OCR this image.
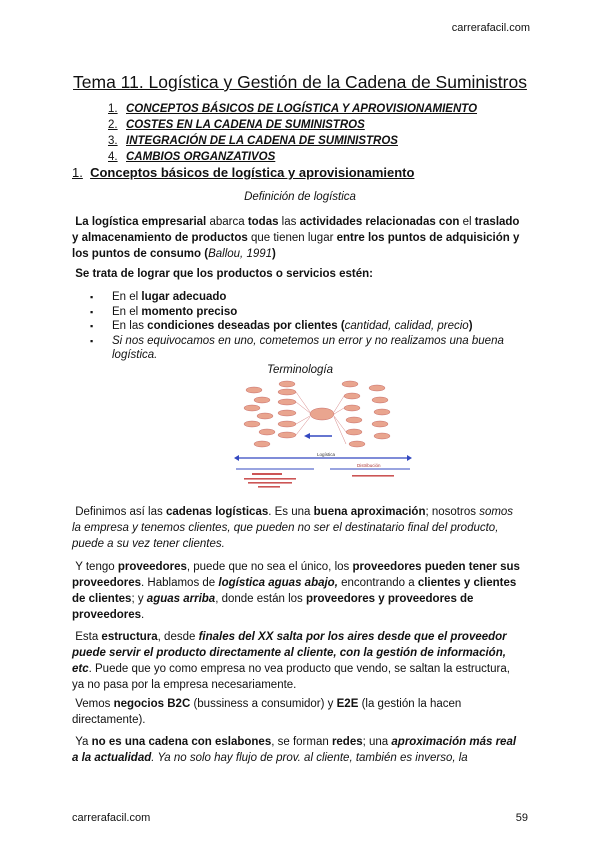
carrerafacil.com
Tema 11. Logística y Gestión de la Cadena de Suministros
1. CONCEPTOS BÁSICOS DE LOGÍSTICA Y APROVISIONAMIENTO
2. COSTES EN LA CADENA DE SUMINISTROS
3. INTEGRACIÓN DE LA CADENA DE SUMINISTROS
4. CAMBIOS ORGANZATIVOS
1. Conceptos básicos de logística y aprovisionamiento
Definición de logística
La logística empresarial abarca todas las actividades relacionadas con el traslado y almacenamiento de productos que tienen lugar entre los puntos de adquisición y los puntos de consumo (Ballou, 1991)
Se trata de lograr que los productos o servicios estén:
▪ En el lugar adecuado
▪ En el momento preciso
▪ En las condiciones deseadas por clientes (cantidad, calidad, precio)
▪ Si nos equivocamos en uno, cometemos un error y no realizamos una buena logística.
Terminología
Logística
Distribución
Definimos así las cadenas logísticas. Es una buena aproximación; nosotros somos la empresa y tenemos clientes, que pueden no ser el destinatario final del producto, puede a su vez tener clientes.
Y tengo proveedores, puede que no sea el único, los proveedores pueden tener sus proveedores. Hablamos de logística aguas abajo, encontrando a clientes y clientes de clientes; y aguas arriba, donde están los proveedores y proveedores de proveedores.
Esta estructura, desde finales del XX salta por los aires desde que el proveedor puede servir el producto directamente al cliente, con la gestión de información, etc. Puede que yo como empresa no vea producto que vendo, se saltan la estructura, ya no pasa por la empresa necesariamente.
Vemos negocios B2C (bussiness a consumidor) y E2E (la gestión la hacen directamente).
Ya no es una cadena con eslabones, se forman redes; una aproximación más real a la actualidad. Ya no solo hay flujo de prov. al cliente, también es inverso, la
carrerafacil.com	59
